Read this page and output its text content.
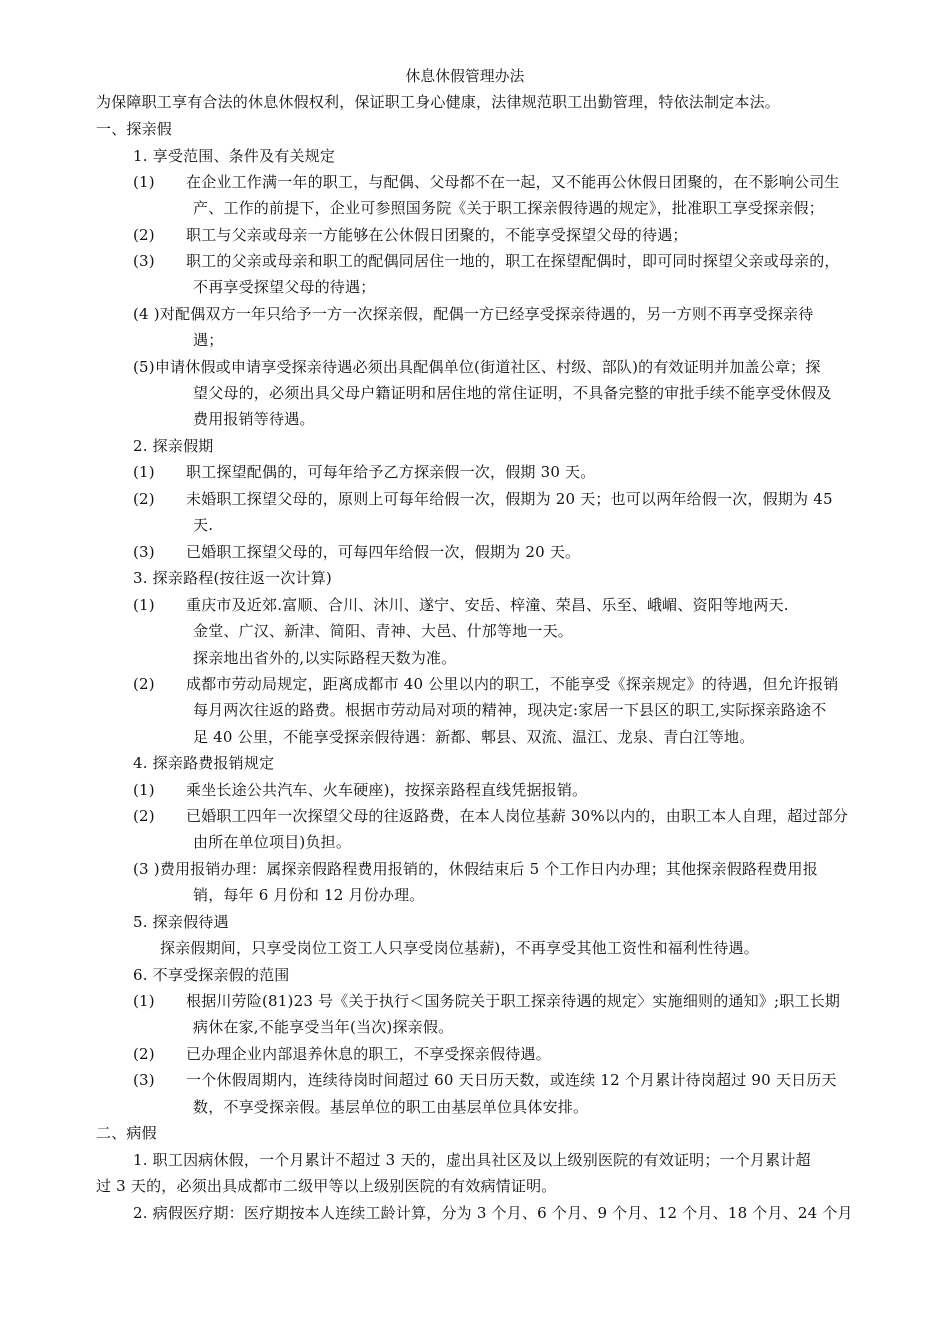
休息休假管理办法
为保障职工享有合法的休息休假权利，保证职工身心健康，法律规范职工出勤管理，特依法制定本法。
一、探亲假
1. 享受范围、条件及有关规定
(1) 在企业工作满一年的职工，与配偶、父母都不在一起，又不能再公休假日团聚的，在不影响公司生
产、工作的前提下，企业可参照国务院《关于职工探亲假待遇的规定》，批准职工享受探亲假；
(2) 职工与父亲或母亲一方能够在公休假日团聚的，不能享受探望父母的待遇；
(3) 职工的父亲或母亲和职工的配偶同居住一地的，职工在探望配偶时，即可同时探望父亲或母亲的，
不再享受探望父母的待遇；
(4 )对配偶双方一年只给予一方一次探亲假，配偶一方已经享受探亲待遇的，另一方则不再享受探亲待
遇；
(5)申请休假或申请享受探亲待遇必须出具配偶单位(街道社区、村级、部队)的有效证明并加盖公章；探
望父母的，必须出具父母户籍证明和居住地的常住证明，不具备完整的审批手续不能享受休假及
费用报销等待遇。
2. 探亲假期
(1) 职工探望配偶的，可每年给予乙方探亲假一次，假期 30 天。
(2) 未婚职工探望父母的，原则上可每年给假一次，假期为 20 天；也可以两年给假一次，假期为 45
天.
(3) 已婚职工探望父母的，可每四年给假一次，假期为 20 天。
3. 探亲路程(按往返一次计算)
(1) 重庆市及近郊.富顺、合川、沐川、遂宁、安岳、梓潼、荣昌、乐至、峨嵋、资阳等地两天.
金堂、广汉、新津、简阳、青神、大邑、什邡等地一天。
探亲地出省外的,以实际路程天数为准。
(2) 成都市劳动局规定，距离成都市 40 公里以内的职工，不能享受《探亲规定》的待遇，但允许报销
每月两次往返的路费。根据市劳动局对项的精神，现决定:家居一下县区的职工,实际探亲路途不
足 40 公里，不能享受探亲假待遇：新都、郫县、双流、温江、龙泉、青白江等地。
4. 探亲路费报销规定
(1) 乘坐长途公共汽车、火车硬座)，按探亲路程直线凭据报销。
(2) 已婚职工四年一次探望父母的往返路费，在本人岗位基薪 30%以内的，由职工本人自理，超过部分
由所在单位项目)负担。
(3 )费用报销办理：属探亲假路程费用报销的，休假结束后 5 个工作日内办理；其他探亲假路程费用报
销，每年 6 月份和 12 月份办理。
5. 探亲假待遇
探亲假期间，只享受岗位工资工人只享受岗位基薪)，不再享受其他工资性和福利性待遇。
6. 不享受探亲假的范围
(1) 根据川劳险(81)23 号《关于执行＜国务院关于职工探亲待遇的规定〉实施细则的通知》;职工长期
病休在家,不能享受当年(当次)探亲假。
(2) 已办理企业内部退养休息的职工，不享受探亲假待遇。
(3) 一个休假周期内，连续待岗时间超过 60 天日历天数，或连续 12 个月累计待岗超过 90 天日历天
数，不享受探亲假。基层单位的职工由基层单位具体安排。
二、病假
1. 职工因病休假，一个月累计不超过 3 天的，虚出具社区及以上级别医院的有效证明；一个月累计超
过 3 天的，必须出具成都市二级甲等以上级别医院的有效病情证明。
2. 病假医疗期：医疗期按本人连续工龄计算，分为 3 个月、6 个月、9 个月、12 个月、18 个月、24 个月
